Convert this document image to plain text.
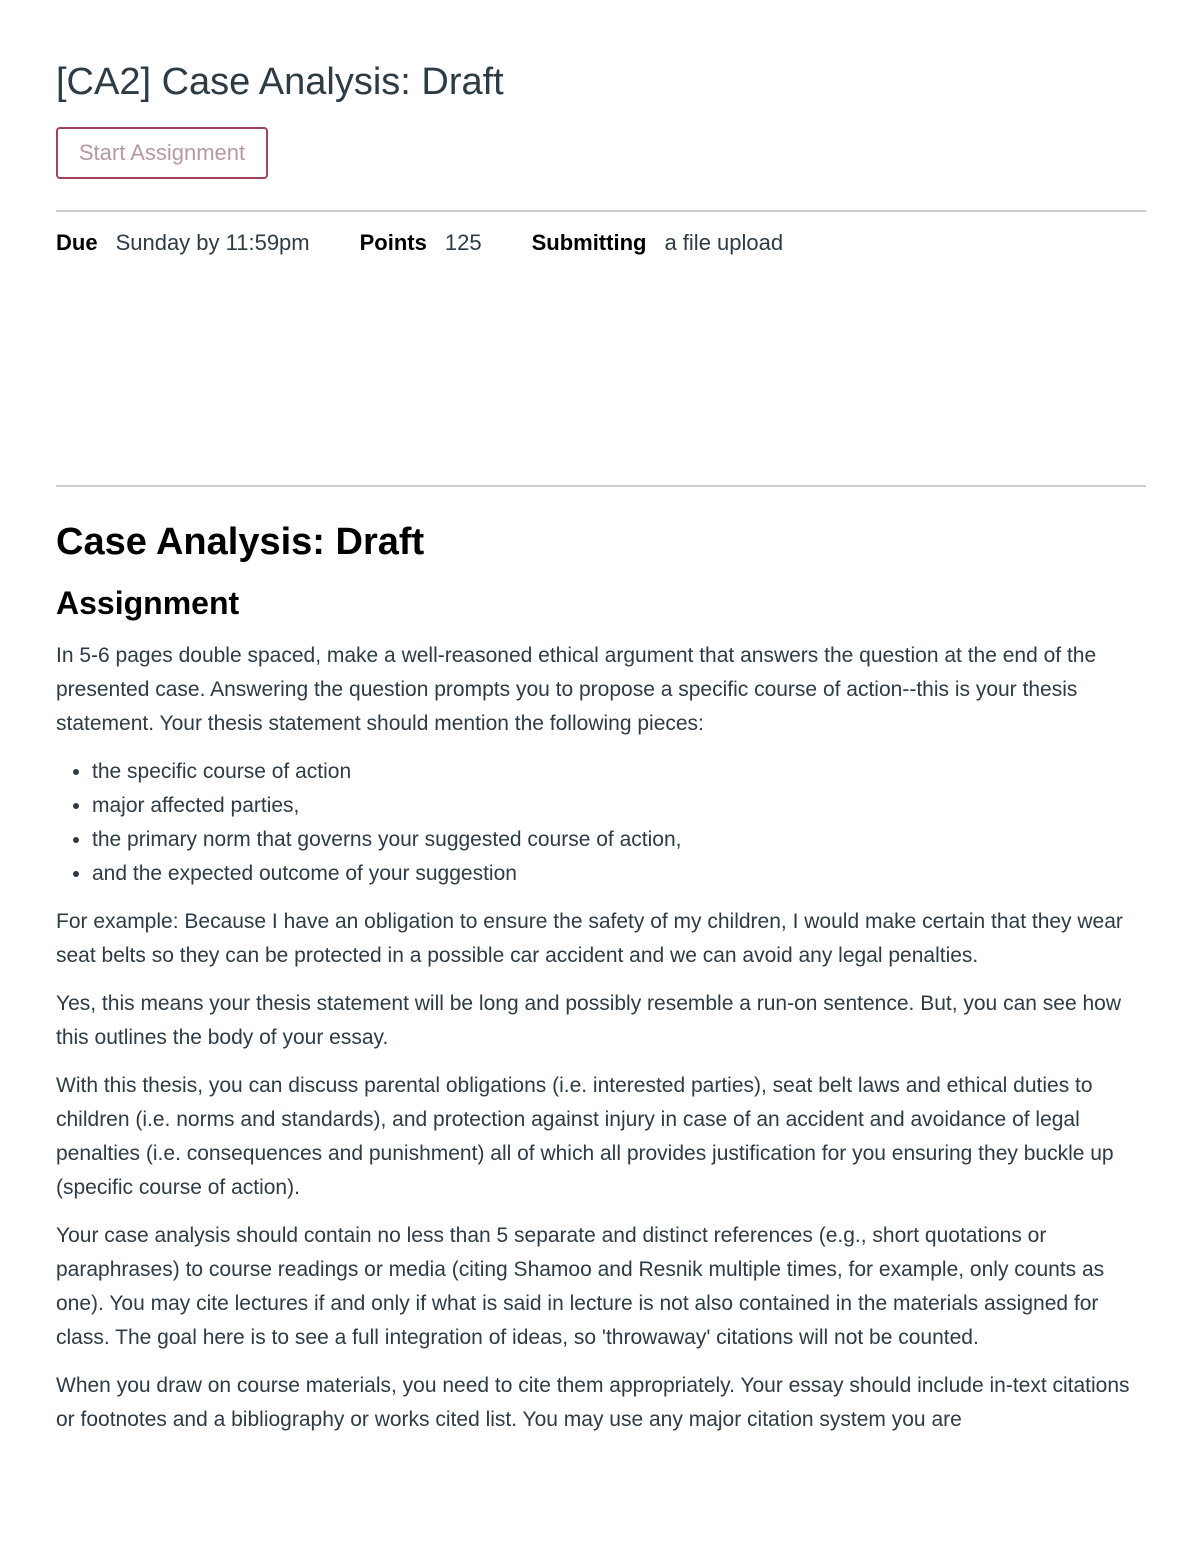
[CA2] Case Analysis: Draft
Start Assignment
Due Sunday by 11:59pm Points 125 Submitting a file upload
Case Analysis: Draft
Assignment

In 5-6 pages double spaced, make a well-reasoned ethical argument that answers the question at the end of the presented case. Answering the question prompts you to propose a specific course of action--this is your thesis statement. Your thesis statement should mention the following pieces:

• the specific course of action
• major affected parties,
• the primary norm that governs your suggested course of action,
• and the expected outcome of your suggestion

For example: Because I have an obligation to ensure the safety of my children, I would make certain that they wear seat belts so they can be protected in a possible car accident and we can avoid any legal penalties.

Yes, this means your thesis statement will be long and possibly resemble a run-on sentence. But, you can see how this outlines the body of your essay.

With this thesis, you can discuss parental obligations (i.e. interested parties), seat belt laws and ethical duties to children (i.e. norms and standards), and protection against injury in case of an accident and avoidance of legal penalties (i.e. consequences and punishment) all of which all provides justification for you ensuring they buckle up (specific course of action).

Your case analysis should contain no less than 5 separate and distinct references (e.g., short quotations or paraphrases) to course readings or media (citing Shamoo and Resnik multiple times, for example, only counts as one). You may cite lectures if and only if what is said in lecture is not also contained in the materials assigned for class. The goal here is to see a full integration of ideas, so 'throwaway' citations will not be counted.

When you draw on course materials, you need to cite them appropriately. Your essay should include in-text citations or footnotes and a bibliography or works cited list. You may use any major citation system you are
